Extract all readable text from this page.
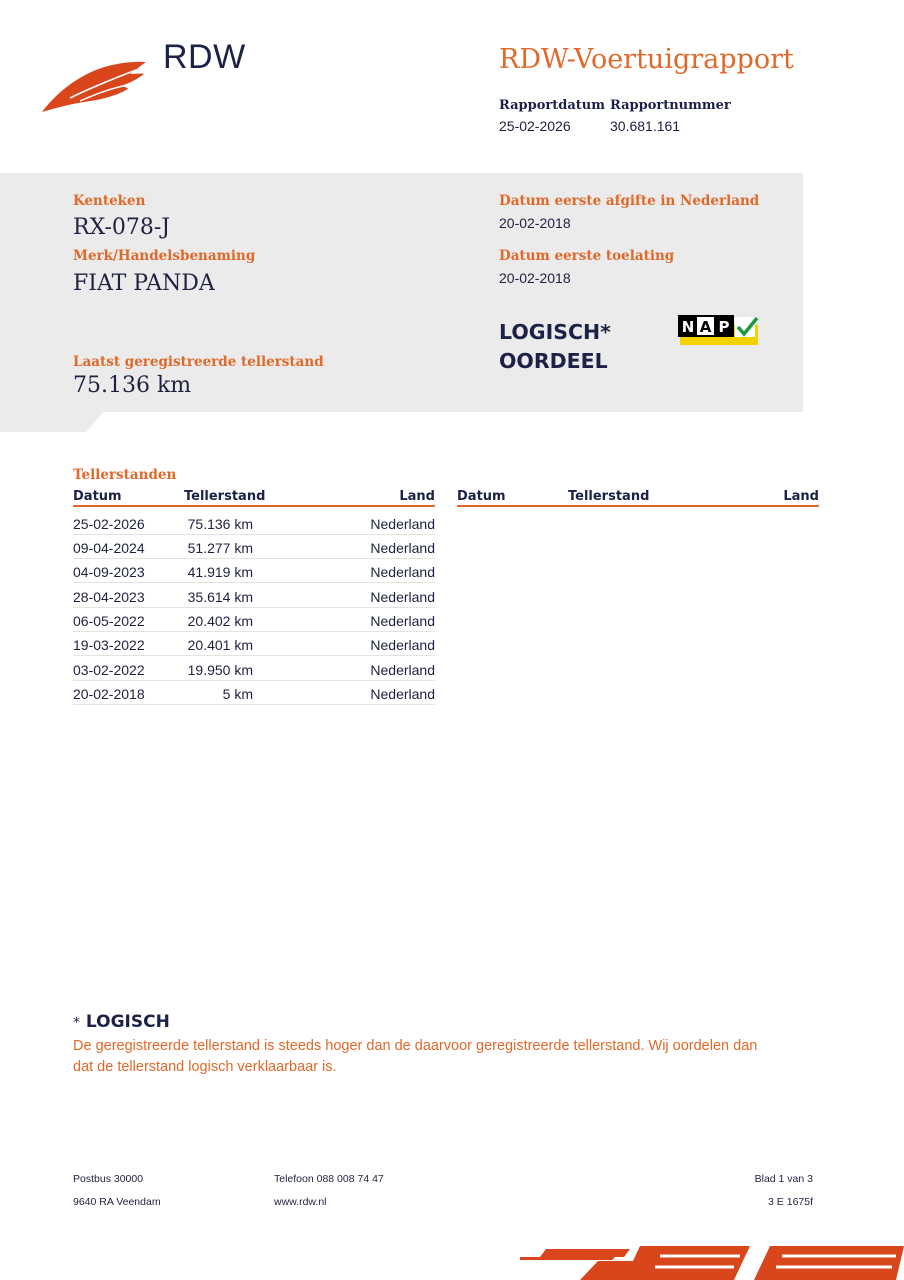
RDW	RDW-Voertuigrapport
Rapportdatum
25-02-2026
Rapportnummer
30.681.161
Kenteken
RX-078-J
Merk/Handelsbenaming
FIAT PANDA
Laatst geregistreerde tellerstand
75.136 km
Datum eerste afgifte in Nederland
20-02-2018
Datum eerste toelating
20-02-2018
LOGISCH*
OORDEEL
N A P
Tellerstanden
Datum	Tellerstand	Land Datum	Tellerstand	Land
25-02-2026	75.136 km	Nederland
09-04-2024	51.277 km	Nederland
04-09-2023	41.919 km	Nederland
28-04-2023	35.614 km	Nederland
06-05-2022	20.402 km	Nederland
19-03-2022	20.401 km	Nederland
03-02-2022	19.950 km	Nederland
20-02-2018	5 km	Nederland
* LOGISCH
De geregistreerde tellerstand is steeds hoger dan de daarvoor geregistreerde tellerstand. Wij oordelen dan dat de tellerstand logisch verklaarbaar is.
Postbus 30000
9640 RA Veendam
Telefoon 088 008 74 47
www.rdw.nl
Blad 1 van 3
3 E 1675f
